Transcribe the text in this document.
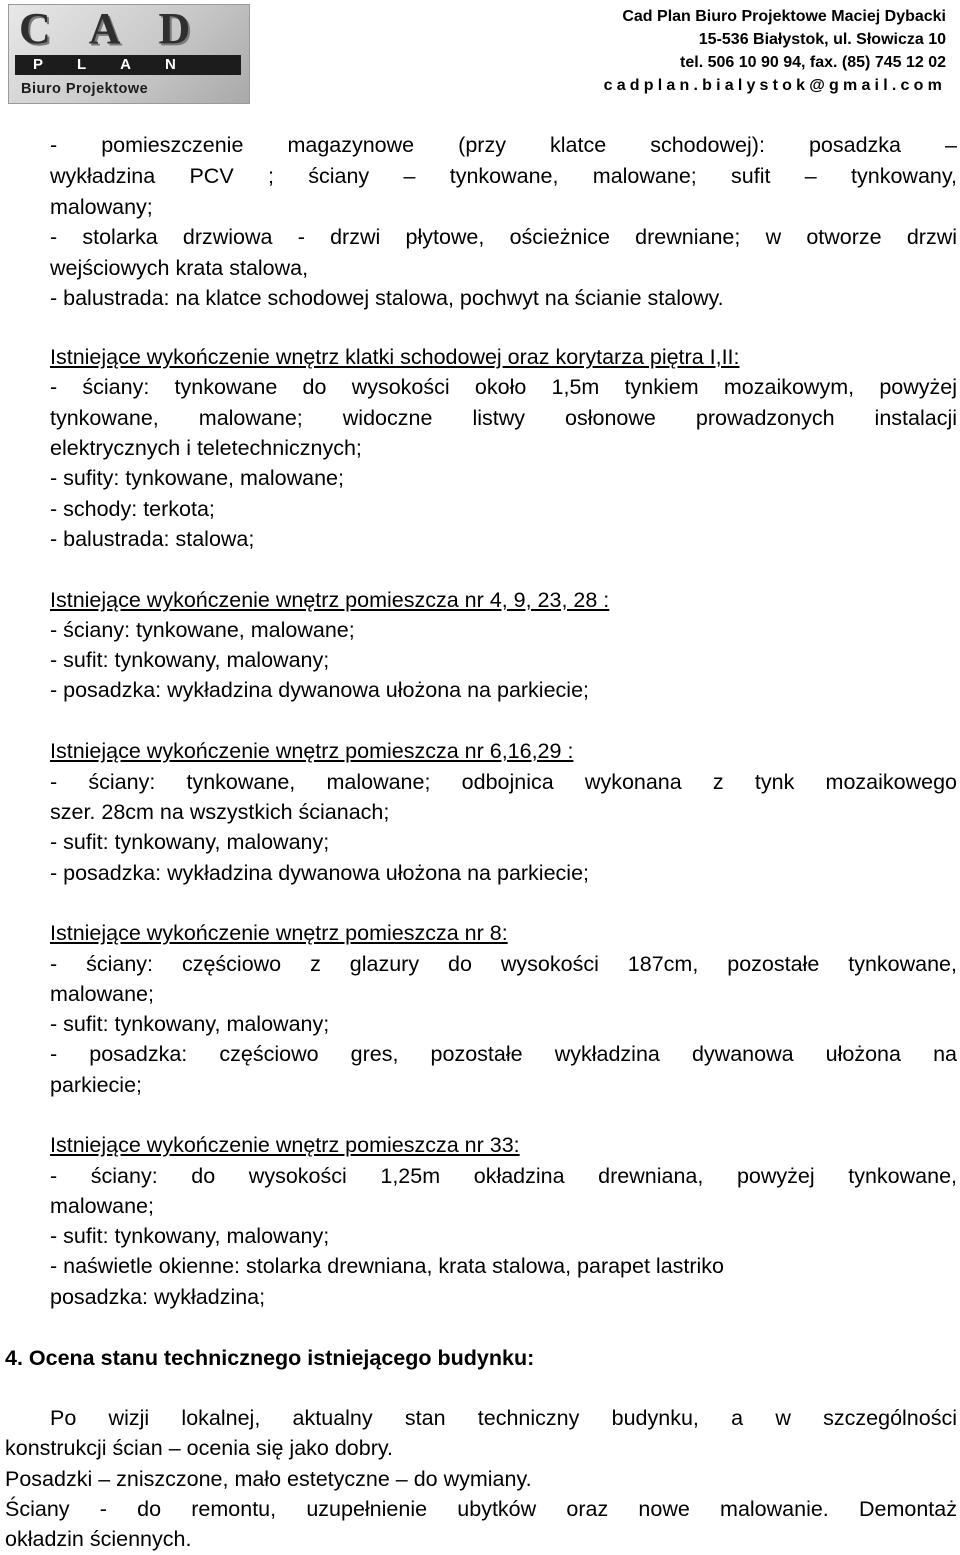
CAD
PLAN
Biuro Projektowe
Cad Plan Biuro Projektowe Maciej Dybacki
15-536 Białystok, ul. Słowicza 10
tel. 506 10 90 94, fax. (85) 745 12 02
cadplan.bialystok@gmail.com
- pomieszczenie magazynowe (przy klatce schodowej): posadzka –
wykładzina PCV ; ściany – tynkowane, malowane; sufit – tynkowany,
malowany;
- stolarka drzwiowa - drzwi płytowe, ościeżnice drewniane; w otworze drzwi
wejściowych krata stalowa,
- balustrada: na klatce schodowej stalowa, pochwyt na ścianie stalowy.
Istniejące wykończenie wnętrz klatki schodowej oraz korytarza piętra I,II:
- ściany: tynkowane do wysokości około 1,5m tynkiem mozaikowym, powyżej
tynkowane, malowane; widoczne listwy osłonowe prowadzonych instalacji
elektrycznych i teletechnicznych;
- sufity: tynkowane, malowane;
- schody: terkota;
- balustrada: stalowa;
Istniejące wykończenie wnętrz pomieszcza nr 4, 9, 23, 28 :
- ściany: tynkowane, malowane;
- sufit: tynkowany, malowany;
- posadzka: wykładzina dywanowa ułożona na parkiecie;
Istniejące wykończenie wnętrz pomieszcza nr 6,16,29 :
- ściany: tynkowane, malowane; odbojnica wykonana z tynk mozaikowego
szer. 28cm na wszystkich ścianach;
- sufit: tynkowany, malowany;
- posadzka: wykładzina dywanowa ułożona na parkiecie;
Istniejące wykończenie wnętrz pomieszcza nr 8:
- ściany: częściowo z glazury do wysokości 187cm, pozostałe tynkowane,
malowane;
- sufit: tynkowany, malowany;
- posadzka: częściowo gres, pozostałe wykładzina dywanowa ułożona na
parkiecie;
Istniejące wykończenie wnętrz pomieszcza nr 33:
- ściany: do wysokości 1,25m okładzina drewniana, powyżej tynkowane,
malowane;
- sufit: tynkowany, malowany;
- naświetle okienne: stolarka drewniana, krata stalowa, parapet lastriko
posadzka: wykładzina;
4. Ocena stanu technicznego istniejącego budynku:
Po wizji lokalnej, aktualny stan techniczny budynku, a w szczególności
konstrukcji ścian – ocenia się jako dobry.
Posadzki – zniszczone, mało estetyczne – do wymiany.
Ściany - do remontu, uzupełnienie ubytków oraz nowe malowanie. Demontaż
okładzin ściennych.
